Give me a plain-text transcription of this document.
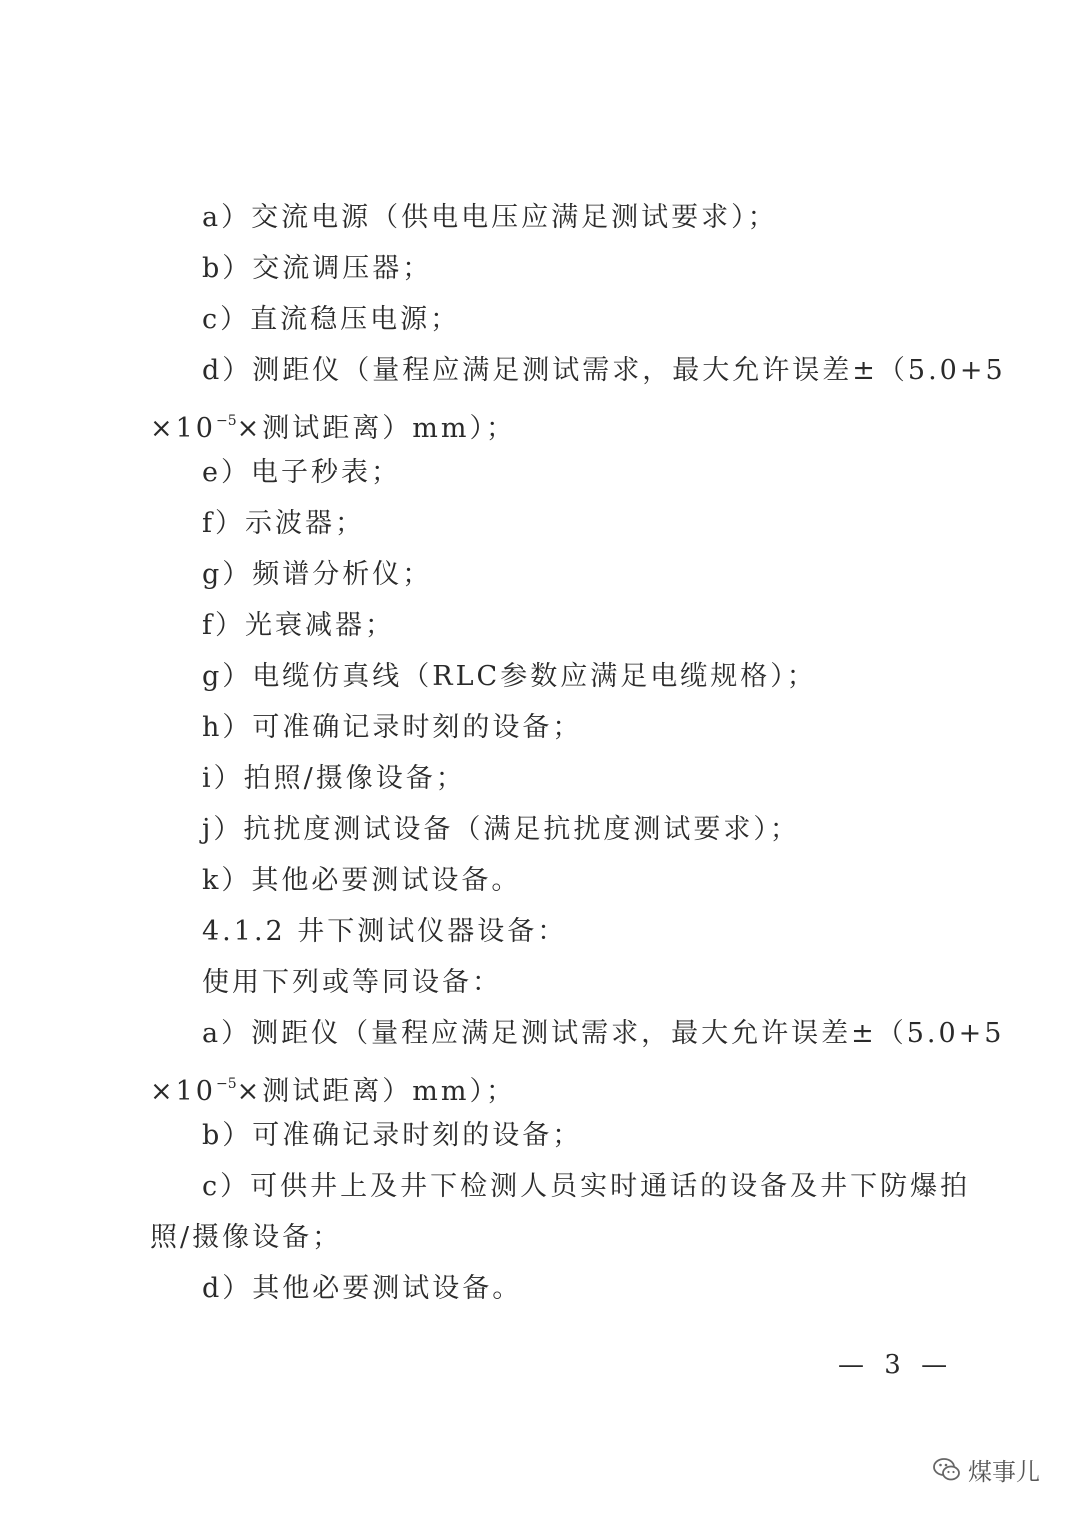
a）交流电源（供电电压应满足测试要求）；
b）交流调压器；
c）直流稳压电源；
d）测距仪（量程应满足测试需求，最大允许误差±（5.0+5
$\times 10^{-5}\times$测试距离）mm）；
e）电子秒表；
f）示波器；
g）频谱分析仪；
f）光衰减器；
g）电缆仿真线（RLC参数应满足电缆规格）；
h）可准确记录时刻的设备；
i）拍照/摄像设备；
j）抗扰度测试设备（满足抗扰度测试要求）；
k）其他必要测试设备。
4.1.2 井下测试仪器设备：
使用下列或等同设备：
a）测距仪（量程应满足测试需求，最大允许误差±（5.0+5
$\times 10^{-5}\times$测试距离）mm）；
b）可准确记录时刻的设备；
c）可供井上及井下检测人员实时通话的设备及井下防爆拍
照/摄像设备；
d）其他必要测试设备。
— 3 —
煤事儿
